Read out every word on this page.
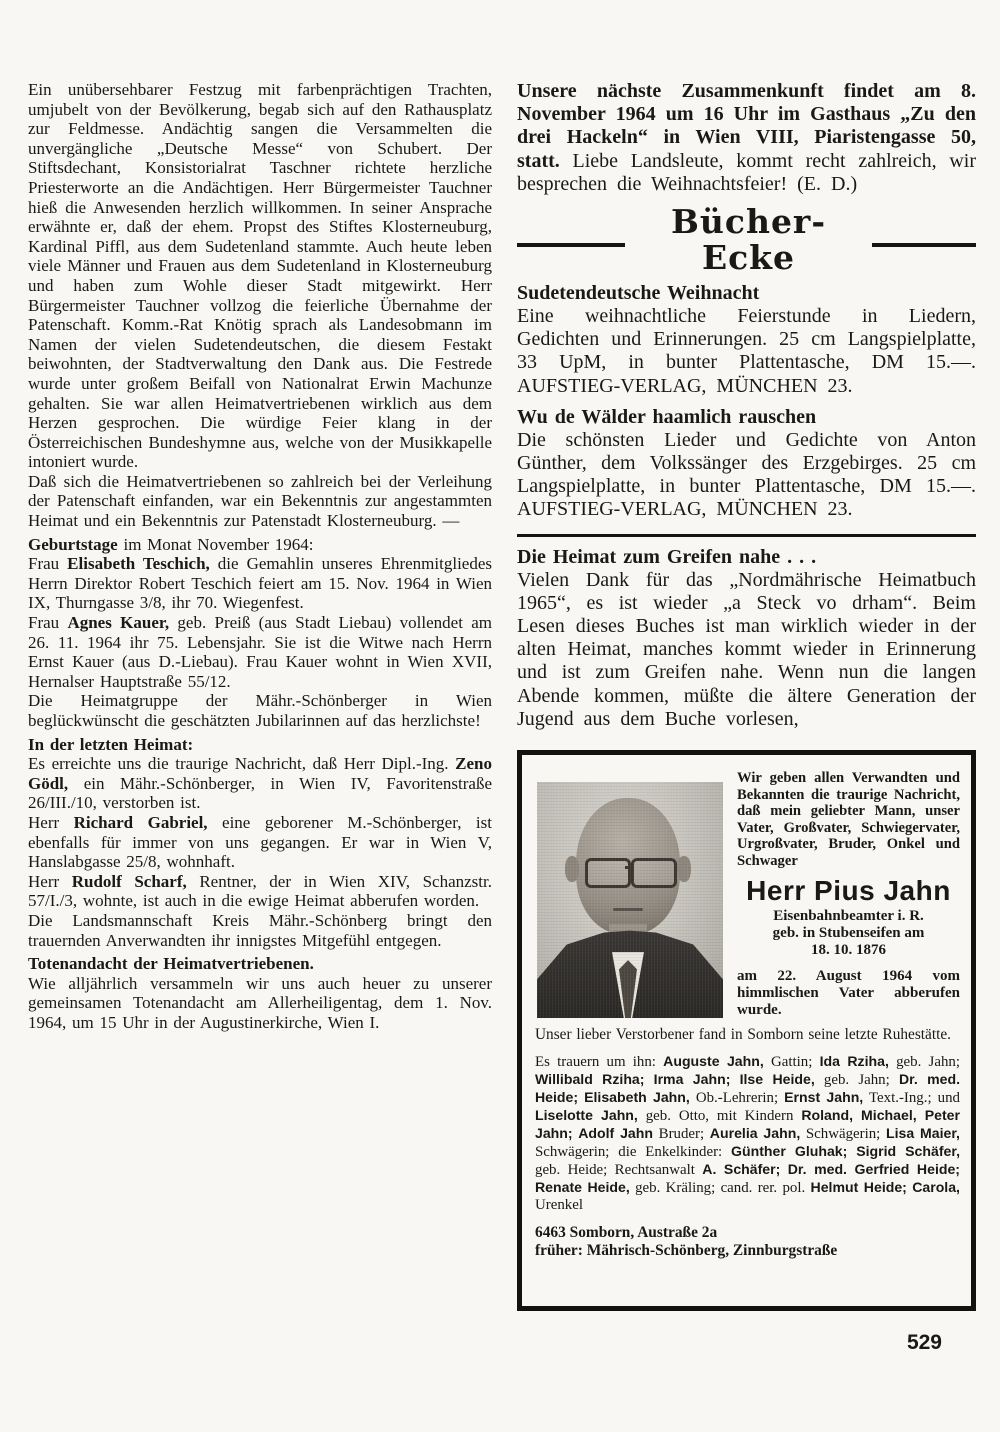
Ein unübersehbarer Festzug mit farbenprächtigen Trachten, umjubelt von der Bevölkerung, begab sich auf den Rathausplatz zur Feldmesse. Andächtig sangen die Versammelten die unvergängliche „Deutsche Messe“ von Schubert. Der Stiftsdechant, Konsistorialrat Taschner richtete herzliche Priesterworte an die Andächtigen. Herr Bürgermeister Tauchner hieß die Anwesenden herzlich willkommen. In seiner Ansprache erwähnte er, daß der ehem. Propst des Stiftes Klosterneuburg, Kardinal Piffl, aus dem Sudetenland stammte. Auch heute leben viele Männer und Frauen aus dem Sudetenland in Klosterneuburg und haben zum Wohle dieser Stadt mitgewirkt. Herr Bürgermeister Tauchner vollzog die feierliche Übernahme der Patenschaft. Komm.-Rat Knötig sprach als Landesobmann im Namen der vielen Sudetendeutschen, die diesem Festakt beiwohnten, der Stadtverwaltung den Dank aus. Die Festrede wurde unter großem Beifall von Nationalrat Erwin Machunze gehalten. Sie war allen Heimatvertriebenen wirklich aus dem Herzen gesprochen. Die würdige Feier klang in der Österreichischen Bundeshymne aus, welche von der Musikkapelle intoniert wurde.

Daß sich die Heimatvertriebenen so zahlreich bei der Verleihung der Patenschaft einfanden, war ein Bekenntnis zur angestammten Heimat und ein Bekenntnis zur Patenstadt Klosterneuburg. —

Geburtstage im Monat November 1964:

Frau Elisabeth Teschich, die Gemahlin unseres Ehrenmitgliedes Herrn Direktor Robert Teschich feiert am 15. Nov. 1964 in Wien IX, Thurngasse 3/8, ihr 70. Wiegenfest.

Frau Agnes Kauer, geb. Preiß (aus Stadt Liebau) vollendet am 26. 11. 1964 ihr 75. Lebensjahr. Sie ist die Witwe nach Herrn Ernst Kauer (aus D.-Liebau). Frau Kauer wohnt in Wien XVII, Hernalser Hauptstraße 55/12.

Die Heimatgruppe der Mähr.-Schönberger in Wien beglückwünscht die geschätzten Jubilarinnen auf das herzlichste!

In der letzten Heimat:

Es erreichte uns die traurige Nachricht, daß Herr Dipl.-Ing. Zeno Gödl, ein Mähr.-Schönberger, in Wien IV, Favoritenstraße 26/III./10, verstorben ist.

Herr Richard Gabriel, eine geborener M.-Schönberger, ist ebenfalls für immer von uns gegangen. Er war in Wien V, Hanslabgasse 25/8, wohnhaft.

Herr Rudolf Scharf, Rentner, der in Wien XIV, Schanzstr. 57/I./3, wohnte, ist auch in die ewige Heimat abberufen worden.

Die Landsmannschaft Kreis Mähr.-Schönberg bringt den trauernden Anverwandten ihr innigstes Mitgefühl entgegen.

Totenandacht der Heimatvertriebenen.

Wie alljährlich versammeln wir uns auch heuer zu unserer gemeinsamen Totenandacht am Allerheiligentag, dem 1. Nov. 1964, um 15 Uhr in der Augustinerkirche, Wien I.

Unsere nächste Zusammenkunft findet am 8. November 1964 um 16 Uhr im Gasthaus „Zu den drei Hackeln“ in Wien VIII, Piaristengasse 50, statt. Liebe Landsleute, kommt recht zahlreich, wir besprechen die Weihnachtsfeier! (E. D.)

Bücher-Ecke

Sudetendeutsche Weihnacht

Eine weihnachtliche Feierstunde in Liedern, Gedichten und Erinnerungen. 25 cm Langspielplatte, 33 UpM, in bunter Plattentasche, DM 15.—. AUFSTIEG-VERLAG, MÜNCHEN 23.

Wu de Wälder haamlich rauschen

Die schönsten Lieder und Gedichte von Anton Günther, dem Volkssänger des Erzgebirges. 25 cm Langspielplatte, in bunter Plattentasche, DM 15.—. AUFSTIEG-VERLAG, MÜNCHEN 23.

Die Heimat zum Greifen nahe . . .

Vielen Dank für das „Nordmährische Heimatbuch 1965“, es ist wieder „a Steck vo drham“. Beim Lesen dieses Buches ist man wirklich wieder in der alten Heimat, manches kommt wieder in Erinnerung und ist zum Greifen nahe. Wenn nun die langen Abende kommen, müßte die ältere Generation der Jugend aus dem Buche vorlesen,

Wir geben allen Verwandten und Bekannten die traurige Nachricht, daß mein geliebter Mann, unser Vater, Großvater, Schwiegervater, Urgroßvater, Bruder, Onkel und Schwager

Herr Pius Jahn

Eisenbahnbeamter i. R.
geb. in Stubenseifen am
18. 10. 1876

am 22. August 1964 vom himmlischen Vater abberufen wurde.

Unser lieber Verstorbener fand in Somborn seine letzte Ruhestätte.

Es trauern um ihn: Auguste Jahn, Gattin; Ida Rziha, geb. Jahn; Willibald Rziha; Irma Jahn; Ilse Heide, geb. Jahn; Dr. med. Heide; Elisabeth Jahn, Ob.-Lehrerin; Ernst Jahn, Text.-Ing.; und Liselotte Jahn, geb. Otto, mit Kindern Roland, Michael, Peter Jahn; Adolf Jahn Bruder; Aurelia Jahn, Schwägerin; Lisa Maier, Schwägerin; die Enkelkinder: Günther Gluhak; Sigrid Schäfer, geb. Heide; Rechtsanwalt A. Schäfer; Dr. med. Gerfried Heide; Renate Heide, geb. Kräling; cand. rer. pol. Helmut Heide; Carola, Urenkel

6463 Somborn, Austraße 2a
früher: Mährisch-Schönberg, Zinnburgstraße

529
